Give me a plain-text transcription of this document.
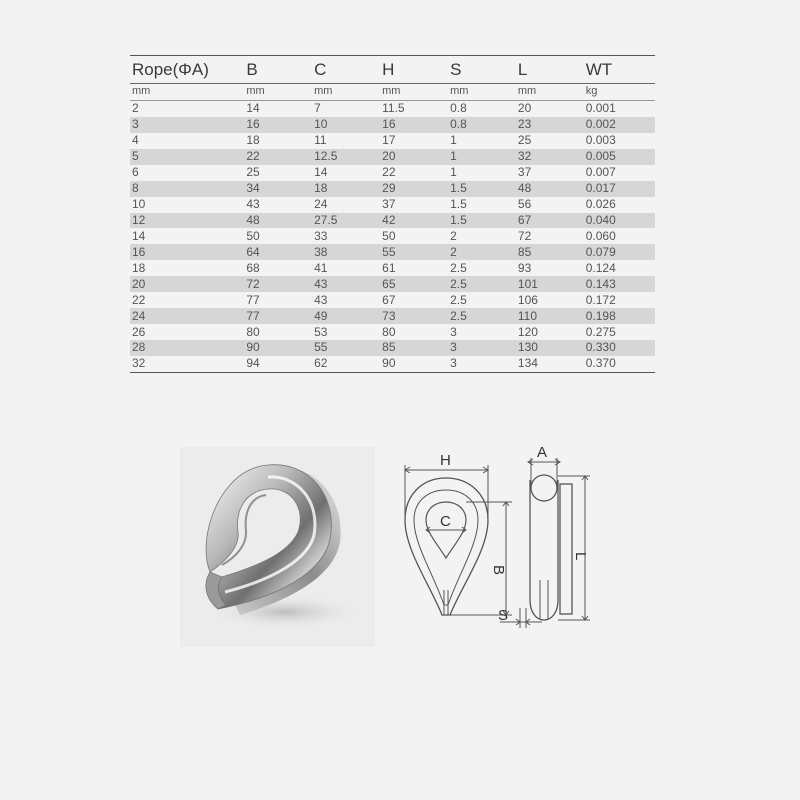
Rope(ΦA)	B	C	H	S	L	WT
mm	mm	mm	mm	mm	mm	kg
2	14	7	11.5	0.8	20	0.001
3	16	10	16	0.8	23	0.002
4	18	11	17	1	25	0.003
5	22	12.5	20	1	32	0.005
6	25	14	22	1	37	0.007
8	34	18	29	1.5	48	0.017
10	43	24	37	1.5	56	0.026
12	48	27.5	42	1.5	67	0.040
14	50	33	50	2	72	0.060
16	64	38	55	2	85	0.079
18	68	41	61	2.5	93	0.124
20	72	43	65	2.5	101	0.143
22	77	43	67	2.5	106	0.172
24	77	49	73	2.5	110	0.198
26	80	53	80	3	120	0.275
28	90	55	85	3	130	0.330
32	94	62	90	3	134	0.370
H
C
B
S
A
L
